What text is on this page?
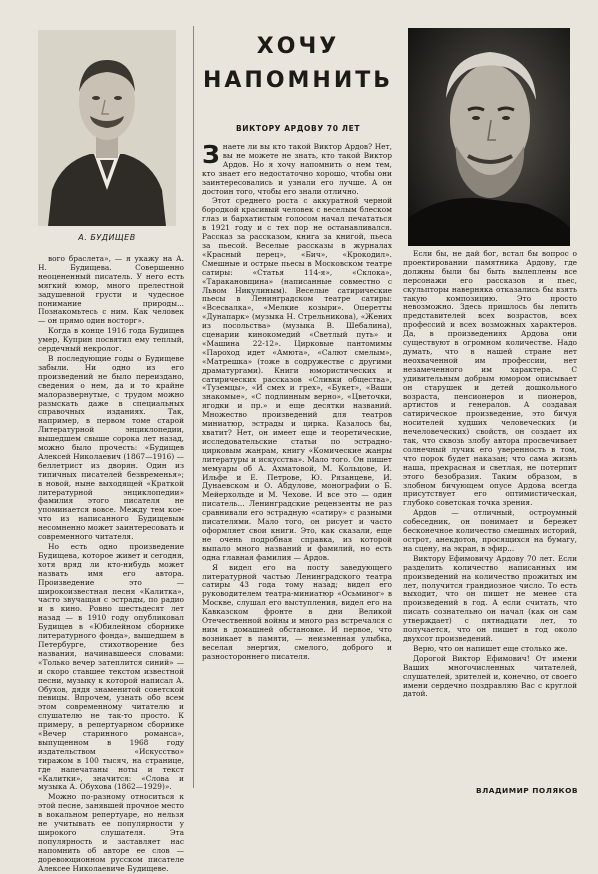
А. БУДИЩЕВ

вого браслета», — я укажу на А. Н. Будищева. Совершенно неоцененный писатель. У него есть мягкий юмор, много прелестной задушевной грусти и чудесное понимание природы... Познакомьтесь с ним. Как человек — он прямо один восторг».

Когда в конце 1916 года Будищев умер, Куприн посвятил ему теплый, сердечный некролог.

В последующие годы о Будищеве забыли. Ни одно из его произведений не было переиздано, сведения о нем, да и то крайне малоразвернутые, с трудом можно разыскать даже в специальных справочных изданиях. Так, например, в первом томе старой Литературной энциклопедии, вышедшем свыше сорока лет назад, можно было прочесть: «Будищев Алексей Николаевич (1867—1916) — беллетрист из дворян. Один из типичных писателей безвременья»; в новой, ныне выходящей «Краткой литературной энциклопедии» фамилия этого писателя не упоминается вовсе. Между тем кое-что из написанного Будищевым несомненно может заинтересовать и современного читателя.

Но есть одно произведение Будищева, которое живет и сегодня, хотя вряд ли кто-нибудь может назвать имя его автора. Произведение это — широкоизвестная песня «Калитка», часто звучащая с эстрады, по радио и в кино. Ровно шестьдесят лет назад — в 1910 году опубликовал Будищев в «Юбилейном сборнике литературного фонда», вышедшем в Петербурге, стихотворение без названия, начинавшееся словами: «Только вечер затеплится синий» — и скоро ставшее текстом известной песни, музыку к которой написал А. Обухов, дядя знаменитой советской певицы. Впрочем, узнать обо всем этом современному читателю и слушателю не так-то просто. К примеру, в репертуарном сборнике «Вечер старинного романса», выпущенном в 1968 году издательством «Искусство» тиражом в 100 тысяч, на странице, где напечатаны ноты и текст «Калитки», значится: «Слова и музыка А. Обухова (1862—1929)».

Можно по-разному относиться к этой песне, занявшей прочное место в вокальном репертуаре, но нельзя не учитывать ее популярности у широкого слушателя. Эта популярность и заставляет нас напомнить об авторе ее слов — доревоюционном русском писателе Алексее Николаевиче Будищеве.

ХОЧУ
НАПОМНИТЬ
ВИКТОРУ АРДОВУ 70 ЛЕТ

Знаете ли вы кто такой Виктор Ардов? Нет, вы не можете не знать, кто такой Виктор Ардов. Но я хочу напомнить о нем тем, кто знает его недостаточно хорошо, чтобы они заинтересовались и узнали его лучше. А он достоин того, чтобы его знали отлично.

Этот среднего роста с аккуратной черной бородкой красивый человек с веселым блеском глаз и бархатистым голосом начал печататься в 1921 году и с тех пор не останавливался. Рассказ за рассказом, книга за книгой, пьеса за пьесой. Веселые рассказы в журналах «Красный перец», «Бич», «Крокодил». Смешные и острые пьесы в Московском театре сатиры: «Статья 114-я», «Склока», «Таракановщина» (написанные совместно с Львом Никулиным). Веселые сатирические пьесы в Ленинградском театре сатиры: «Всесвалка», «Мелкие козыри». Оперетты «Дунапарк» (музыка Н. Стрельникова), «Жених из посольства» (музыка В. Шебалина), сценарии кинокомедий «Светлый путь» и «Машина 22-12». Цирковые пантомимы «Пароход идет «Амюта», «Салют смелым», «Матрешка» (тоже в содружестве с другими драматургами). Книги юмористических и сатирических рассказов «Сливки общества», «Туземцы», «И смех и грех», «Букет», «Ваши знакомые», «С подлинным верно», «Цветочки, ягодки и пр.» и еще десятки названий. Множество произведений для театров миниатюр, эстрады и цирка. Казалось бы, хватит? Нет, он имеет еще и теоретические, исследовательские статьи по эстрадно-цирковым жанрам, книгу «Комические жанры литературы и искусства». Мало того. Он пишет мемуары об А. Ахматовой, М. Кольцове, И. Ильфе и Е. Петрове, Ю. Рязанцеве, И. Дунаевском и О. Абдулове, монографии о Б. Мейерхольде и М. Чехове. И все это — один писатель... Ленинградские рецензенты не раз сравнивали его эстрадную «сатиру» с разными писателями. Мало того, он рисует и часто оформляет свои книги. Это, как сказали, еще не очень подробная справка, из которой выпало много названий и фамилий, но есть одна главная фамилия — Ардов.

Я видел его на посту заведующего литературной частью Ленинградского театра сатиры 43 года тому назад; видел его руководителем театра-миниатюр «Осьминог» в Москве, слушал его выступления, видел его на Кавказском фронте в дни Великой Отечественной войны и много раз встречался с ним в домашней обстановке. И первое, что возникает в памяти, — неизменная улыбка, веселая энергия, смелого, доброго и разностороннего писателя.

Если бы, не дай бог, встал бы вопрос о проектировании памятника Ардову, где должны были бы быть вылеплены все персонажи его рассказов и пьес, скульпторы наверняка отказались бы взять такую композицию. Это просто невозможно. Здесь пришлось бы лепить представителей всех возрастов, всех профессий и всех возможных характеров. Да, в произведениях Ардова они существуют в огромном количестве. Надо думать, что в нашей стране нет неохваченной им профессии, нет незамеченного им характера. С удивительным добрым юмором описывает он старушек и детей дошкольного возраста, пенсионеров и пионеров, артистов и генералов. А создавая сатирическое произведение, это бичуя носителей худших человеческих (и нечеловеческих) свойств, он создает их так, что сквозь злобу автора просвечивает солнечный лучик его уверенность в том, что порок будет наказан; что сама жизнь наша, прекрасная и светлая, не потерпит этого безобразия. Таким образом, в злобном бичующем опусе Ардова всегда присутствует его оптимистическая, глубоко советская точка зрения.

Ардов — отличный, остроумный собеседник, он понимает и бережет бесконечное количество смешных историй, острот, анекдотов, просящихся на бумагу, на сцену, на экран, в эфир...

Виктору Ефимовичу Ардову 70 лет. Если разделить количество написанных им произведений на количество прожитых им лет, получится грандиозное число. То есть выходит, что он пишет не менее ста произведений в год. А если считать, что писать сознательно он начал (как он сам утверждает) с пятнадцати лет, то получается, что он пишет в год около двухсот произведений.

Верю, что он напишет еще столько же.

Дорогой Виктор Ефимович! От имени Ваших многочисленных читателей, слушателей, зрителей и, конечно, от своего имени сердечно поздравляю Вас с круглой датой.

ВЛАДИМИР ПОЛЯКОВ
